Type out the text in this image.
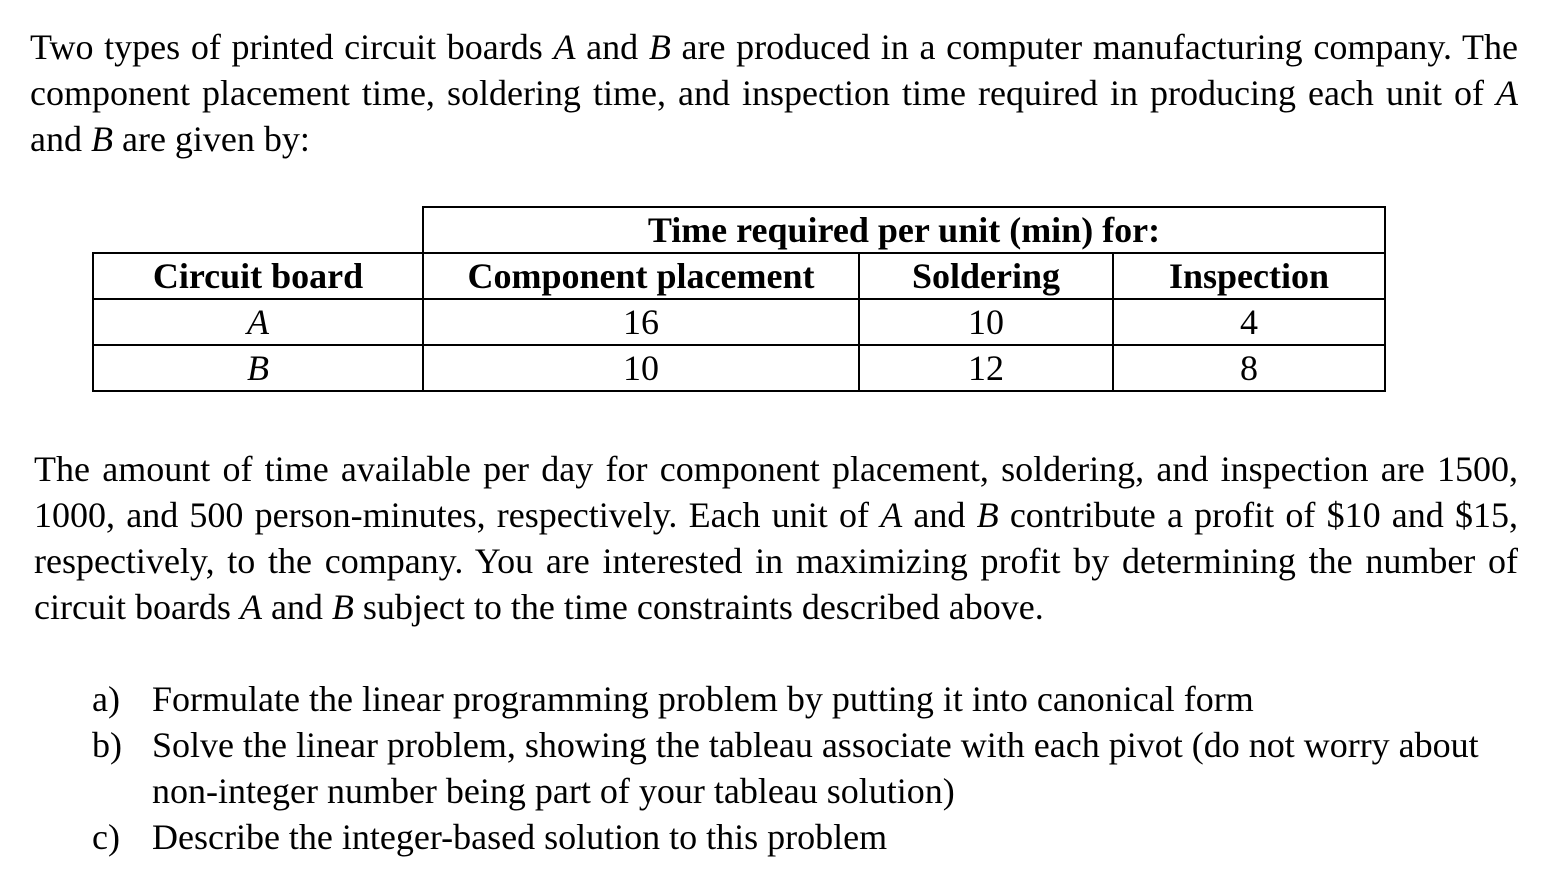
Two types of printed circuit boards A and B are produced in a computer manufacturing company. The component placement time, soldering time, and inspection time required in producing each unit of A and B are given by:

	Time required per unit (min) for:		
Circuit board	Component placement	Soldering	Inspection
A	16	10	4
B	10	12	8

The amount of time available per day for component placement, soldering, and inspection are 1500, 1000, and 500 person-minutes, respectively. Each unit of A and B contribute a profit of $10 and $15, respectively, to the company. You are interested in maximizing profit by determining the number of circuit boards A and B subject to the time constraints described above.

a) Formulate the linear programming problem by putting it into canonical form
b) Solve the linear problem, showing the tableau associate with each pivot (do not worry about non-integer number being part of your tableau solution)
c) Describe the integer-based solution to this problem
